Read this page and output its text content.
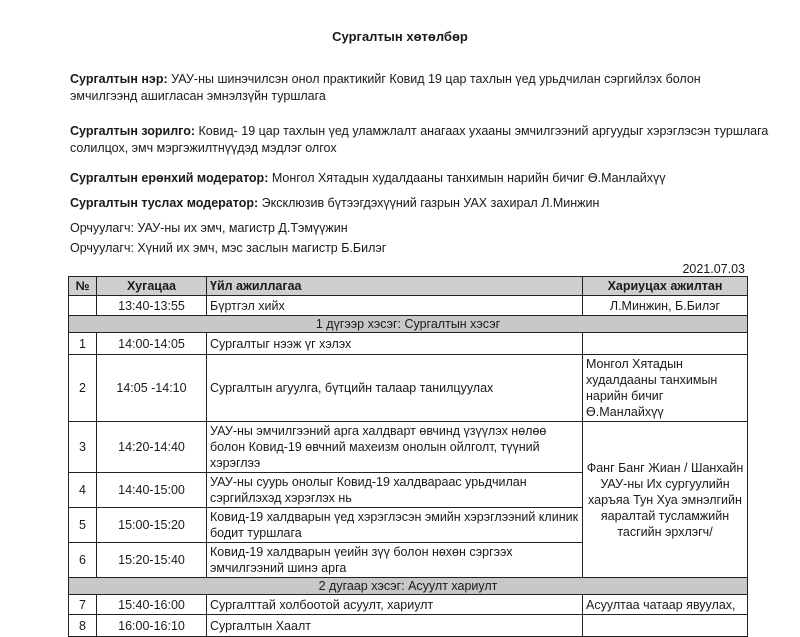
Сургалтын хөтөлбөр
Сургалтын нэр: УАУ-ны шинэчилсэн онол практикийг Ковид 19 цар тахлын үед урьдчилан сэргийлэх болон эмчилгээнд ашигласан эмнэлзүйн туршлага
Сургалтын зорилго: Ковид- 19 цар тахлын үед уламжлалт анагаах ухааны эмчилгээний аргуудыг хэрэглэсэн туршлага солилцох, эмч мэргэжилтнүүдэд мэдлэг олгох
Сургалтын ерөнхий модератор: Монгол Хятадын худалдааны танхимын нарийн бичиг Ө.Манлайхүү
Сургалтын туслах модератор: Эксклюзив бүтээгдэхүүний газрын УАХ захирал Л.Минжин
Орчуулагч: УАУ-ны их эмч, магистр Д.Тэмүүжин
Орчуулагч: Хүний их эмч, мэс заслын магистр Б.Билэг
2021.07.03
№	Хугацаа	Үйл ажиллагаа	Хариуцах ажилтан
	13:40-13:55	Бүртгэл хийх	Л.Минжин, Б.Билэг
1 дүгээр хэсэг: Сургалтын хэсэг			
1	14:00-14:05	Сургалтыг нээж үг хэлэх	
2	14:05 -14:10	Сургалтын агуулга, бүтцийн талаар танилцуулах	Монгол Хятадын худалдааны танхимын нарийн бичиг Ө.Манлайхүү
3	14:20-14:40	УАУ-ны эмчилгээний арга халдварт өвчинд үзүүлэх нөлөө болон Ковид-19 өвчний махеизм онолын ойлголт, түүний хэрэглээ	Фанг Банг Жиан / Шанхайн УАУ-ны Их сургуулийн харъяа Тун Хуа эмнэлгийн яаралтай тусламжийн тасгийн эрхлэгч/
4	14:40-15:00	УАУ-ны суурь онолыг Ковид-19 халдвараас урьдчилан сэргийлэхэд хэрэглэх нь	
5	15:00-15:20	Ковид-19 халдварын үед хэрэглэсэн эмийн хэрэглээний клиник бодит туршлага	
6	15:20-15:40	Ковид-19 халдварын үеийн зүү болон нөхөн сэргээх эмчилгээний шинэ арга	
2 дугаар хэсэг: Асуулт хариулт			
7	15:40-16:00	Сургалттай холбоотой асуулт, хариулт	Асуултаа чатаар явуулах,
8	16:00-16:10	Сургалтын Хаалт	
